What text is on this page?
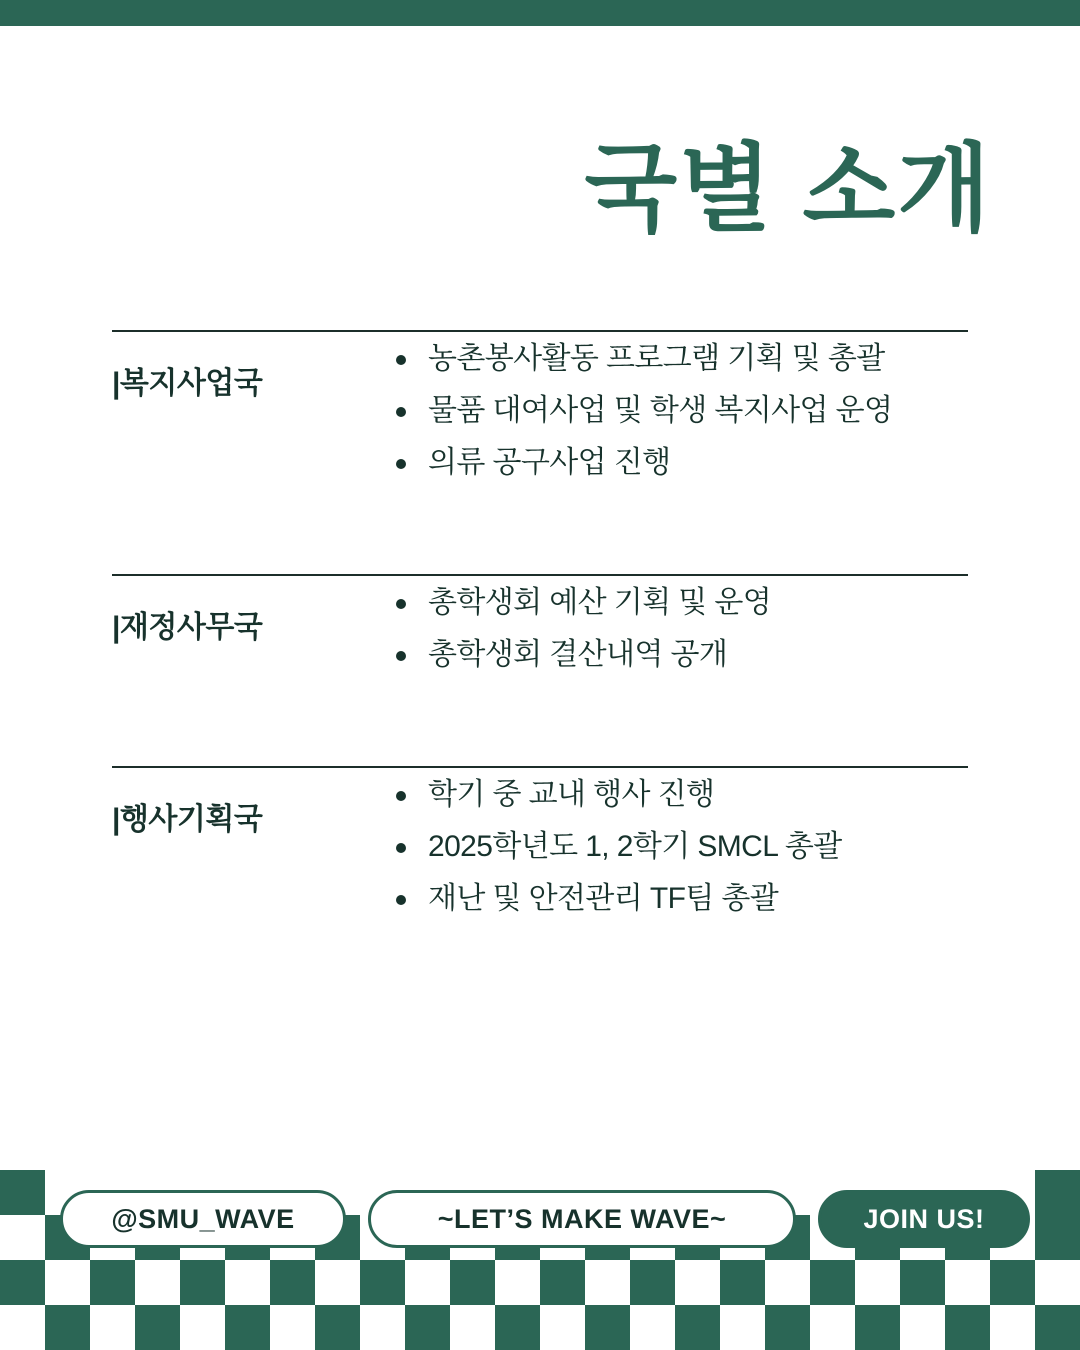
국별 소개
|복지사업국
농촌봉사활동 프로그램 기획 및 총괄
물품 대여사업 및 학생 복지사업 운영
의류 공구사업 진행
|재정사무국
총학생회 예산 기획 및 운영
총학생회 결산내역 공개
|행사기획국
학기 중 교내 행사 진행
2025학년도 1, 2학기 SMCL 총괄
재난 및 안전관리 TF팀 총괄
@SMU_WAVE	~LET’S MAKE WAVE~	JOIN US!
